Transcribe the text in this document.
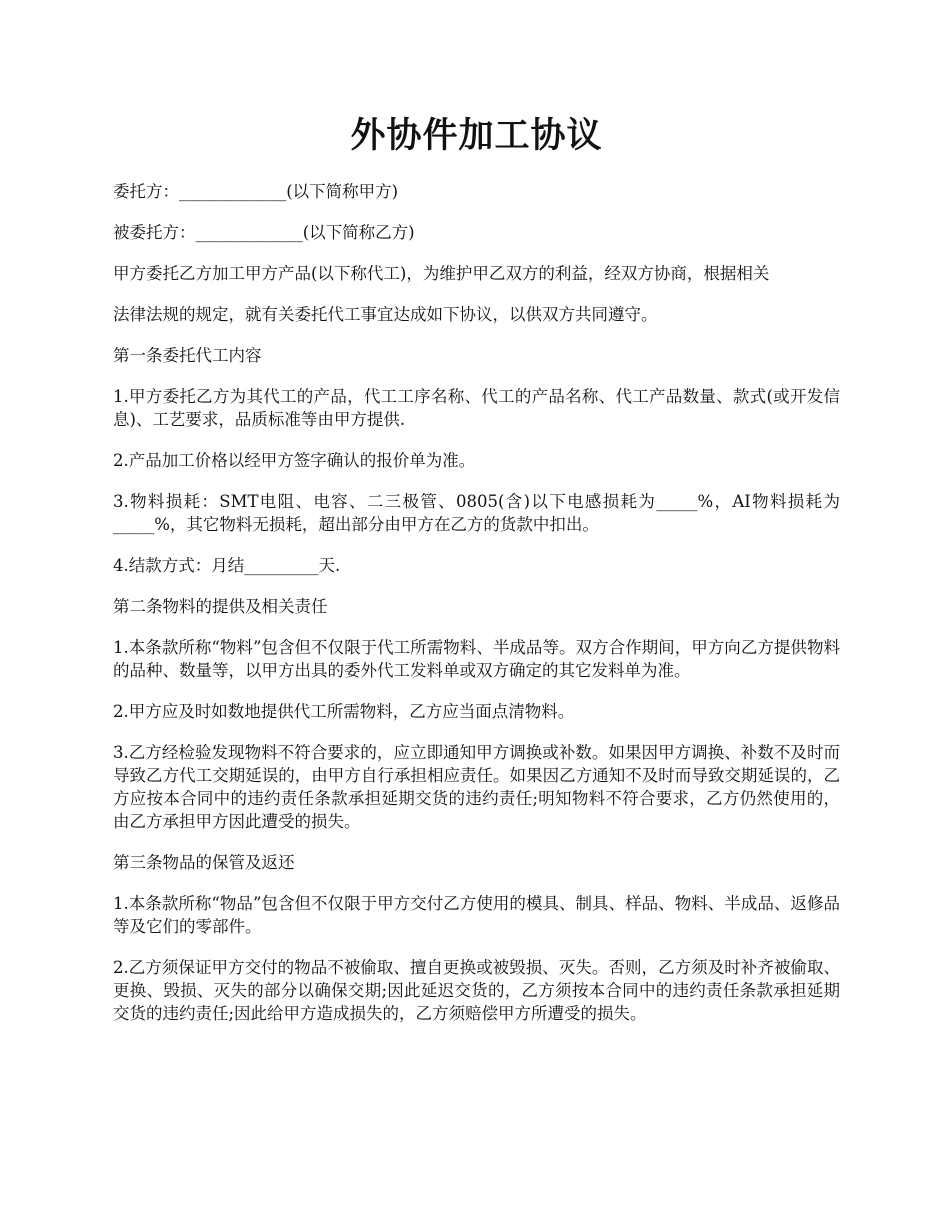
外协件加工协议

委托方：_____________(以下简称甲方)

被委托方：_____________(以下简称乙方)

甲方委托乙方加工甲方产品(以下称代工)，为维护甲乙双方的利益，经双方协商，根据相关

法律法规的规定，就有关委托代工事宜达成如下协议，以供双方共同遵守。

第一条委托代工内容

1.甲方委托乙方为其代工的产品，代工工序名称、代工的产品名称、代工产品数量、款式(或开发信息)、工艺要求，品质标准等由甲方提供.

2.产品加工价格以经甲方签字确认的报价单为准。

3.物料损耗：SMT电阻、电容、二三极管、0805(含)以下电感损耗为_____%，AI物料损耗为_____%，其它物料无损耗，超出部分由甲方在乙方的货款中扣出。

4.结款方式：月结_________天.

第二条物料的提供及相关责任

1.本条款所称“物料”包含但不仅限于代工所需物料、半成品等。双方合作期间，甲方向乙方提供物料的品种、数量等，以甲方出具的委外代工发料单或双方确定的其它发料单为准。

2.甲方应及时如数地提供代工所需物料，乙方应当面点清物料。

3.乙方经检验发现物料不符合要求的，应立即通知甲方调换或补数。如果因甲方调换、补数不及时而导致乙方代工交期延误的，由甲方自行承担相应责任。如果因乙方通知不及时而导致交期延误的，乙方应按本合同中的违约责任条款承担延期交货的违约责任;明知物料不符合要求，乙方仍然使用的，由乙方承担甲方因此遭受的损失。

第三条物品的保管及返还

1.本条款所称“物品”包含但不仅限于甲方交付乙方使用的模具、制具、样品、物料、半成品、返修品等及它们的零部件。

2.乙方须保证甲方交付的物品不被偷取、擅自更换或被毁损、灭失。否则，乙方须及时补齐被偷取、更换、毁损、灭失的部分以确保交期;因此延迟交货的，乙方须按本合同中的违约责任条款承担延期交货的违约责任;因此给甲方造成损失的，乙方须赔偿甲方所遭受的损失。
